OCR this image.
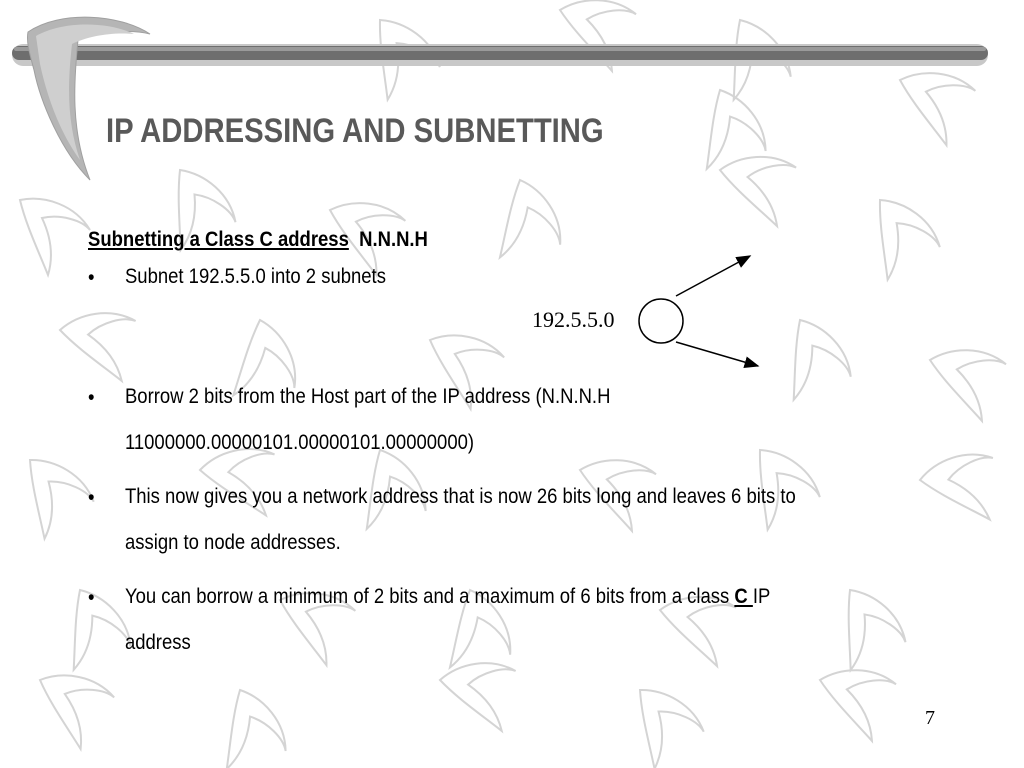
IP ADDRESSING AND SUBNETTING
Subnetting a Class C address N.N.N.H
• Subnet 192.5.5.0 into 2 subnets
• Borrow 2 bits from the Host part of the IP address (N.N.N.H
11000000.00000101.00000101.00000000)
• This now gives you a network address that is now 26 bits long and leaves 6 bits to
assign to node addresses.
• You can borrow a minimum of 2 bits and a maximum of 6 bits from a class C IP
address
192.5.5.0
7
